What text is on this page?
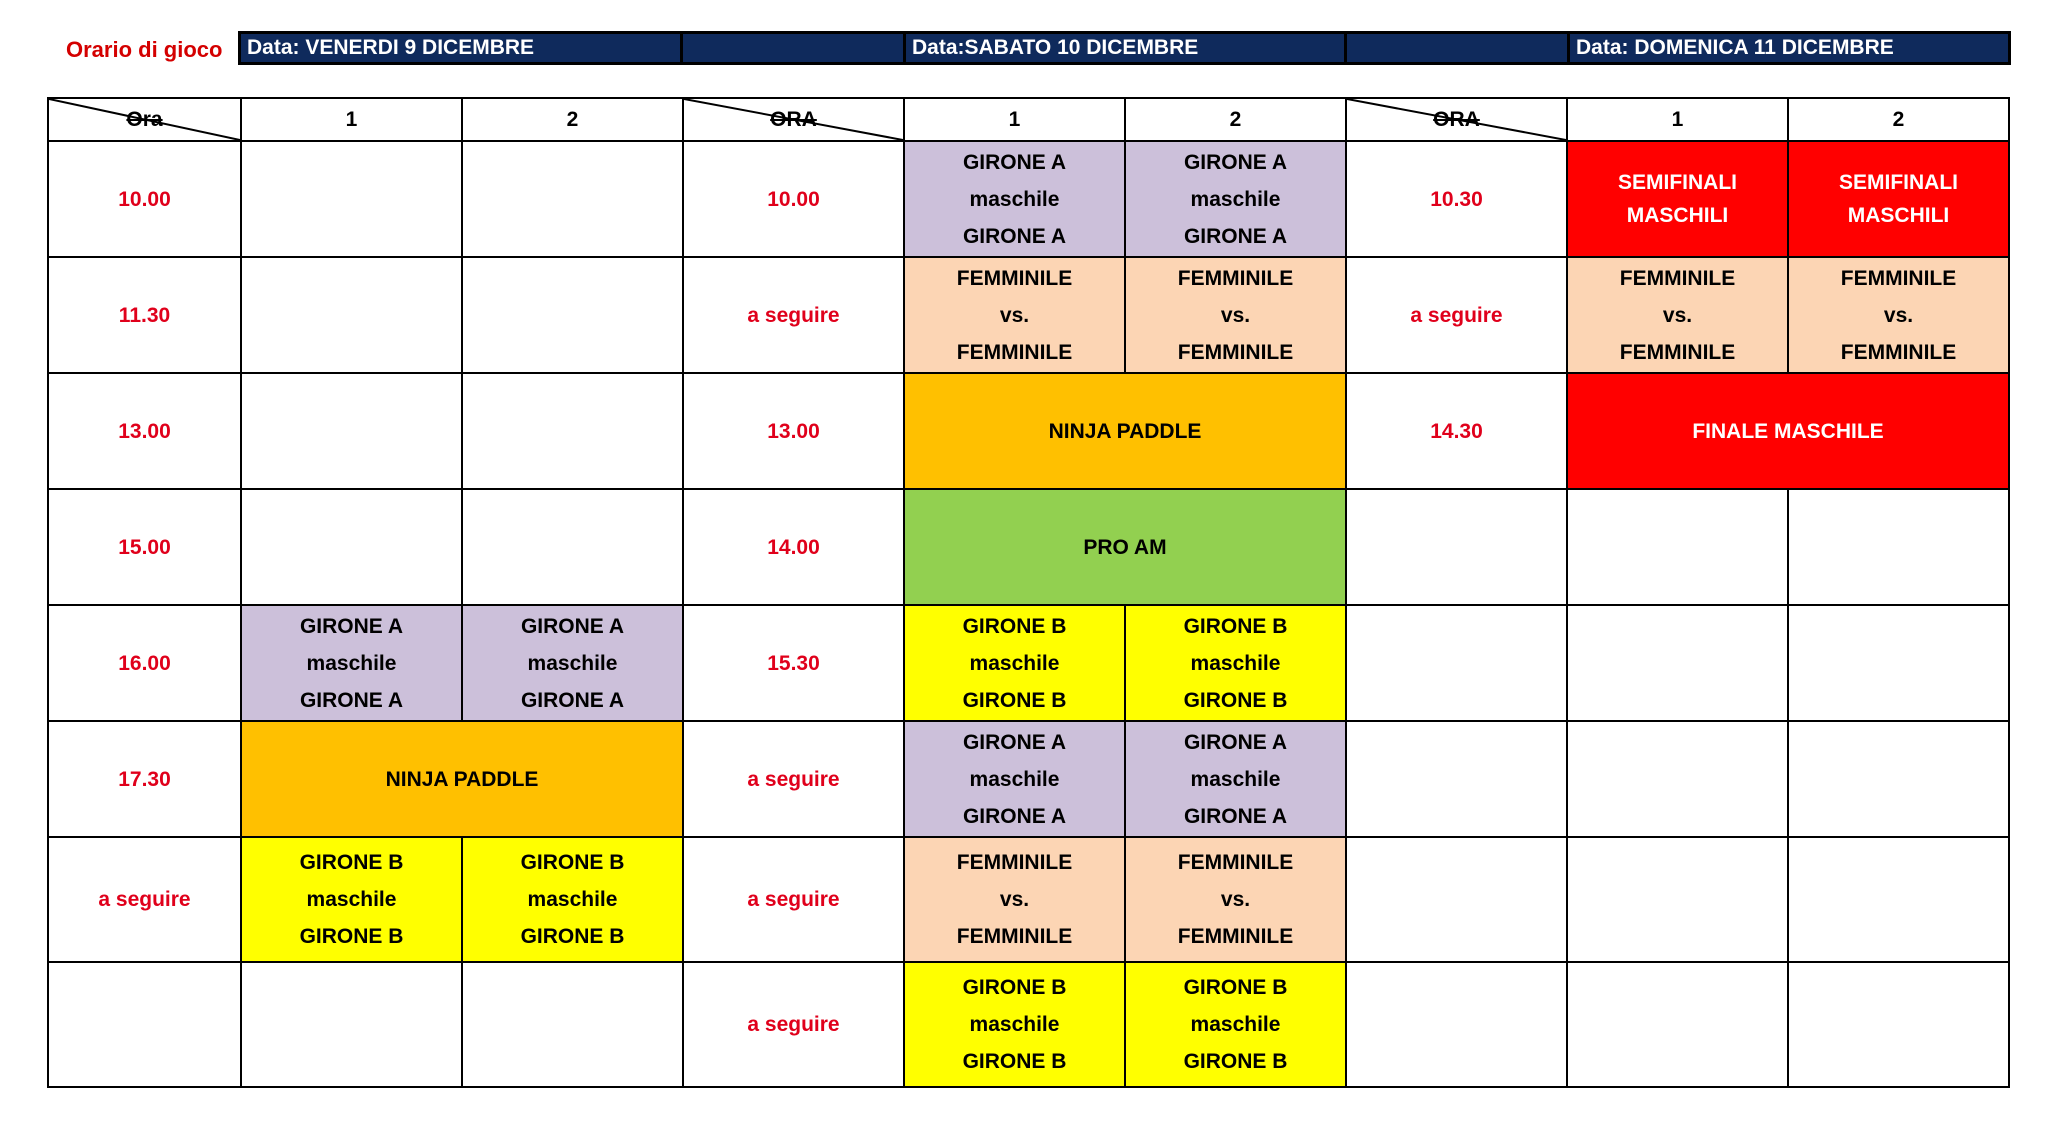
Orario di gioco	Data: VENERDI 9 DICEMBRE	Data:SABATO 10 DICEMBRE	Data: DOMENICA 11 DICEMBRE
Ora	1	2	ORA	1	2	ORA	1	2
10.00			10.00	GIRONE A
maschile
GIRONE A	GIRONE A
maschile
GIRONE A	10.30	SEMIFINALI
MASCHILI	SEMIFINALI
MASCHILI

11.30			a seguire	FEMMINILE
vs.
FEMMINILE	FEMMINILE
vs.
FEMMINILE	a seguire	FEMMINILE
vs.
FEMMINILE	FEMMINILE
vs.
FEMMINILE

13.00			13.00	NINJA PADDLE		14.30	FINALE MASCHILE	
15.00			14.00	PRO AM				
16.00	GIRONE A
maschile
GIRONE A	GIRONE A
maschile
GIRONE A	15.30	GIRONE B
maschile
GIRONE B	GIRONE B
maschile
GIRONE B			

17.30	NINJA PADDLE		a seguire	GIRONE A
maschile
GIRONE A	GIRONE A
maschile
GIRONE A			

a seguire	GIRONE B
maschile
GIRONE B	GIRONE B
maschile
GIRONE B	a seguire	FEMMINILE
vs.
FEMMINILE	FEMMINILE
vs.
FEMMINILE			

			a seguire	GIRONE B
maschile
GIRONE B	GIRONE B
maschile
GIRONE B			
